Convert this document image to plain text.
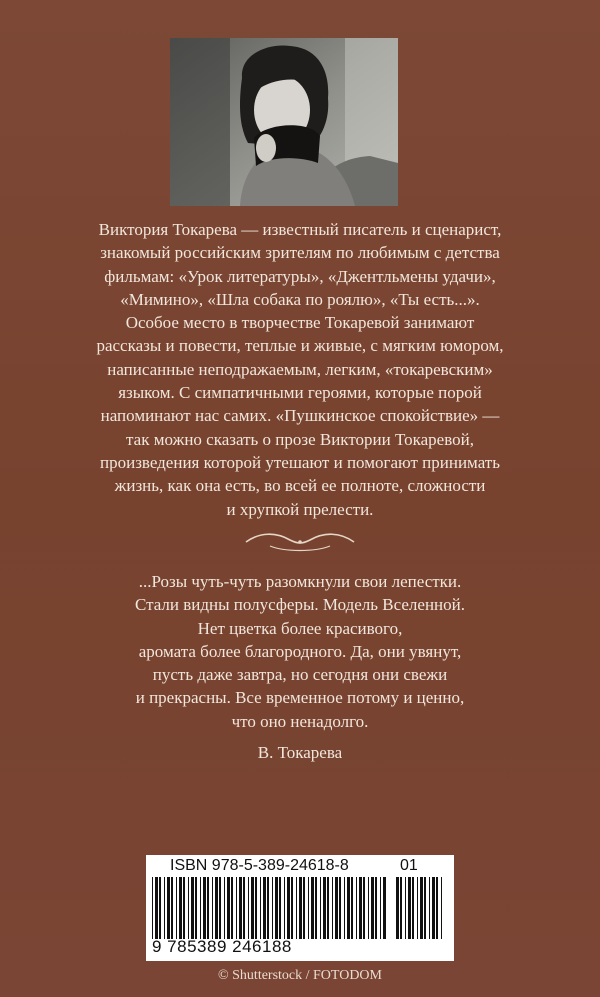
Виктория Токарева — известный писатель и сценарист,
знакомый российским зрителям по любимым с детства
фильмам: «Урок литературы», «Джентльмены удачи»,
«Мимино», «Шла собака по роялю», «Ты есть...».
Особое место в творчестве Токаревой занимают
рассказы и повести, теплые и живые, с мягким юмором,
написанные неподражаемым, легким, «токаревским»
языком. С симпатичными героями, которые порой
напоминают нас самих. «Пушкинское спокойствие» —
так можно сказать о прозе Виктории Токаревой,
произведения которой утешают и помогают принимать
жизнь, как она есть, во всей ее полноте, сложности
и хрупкой прелести.
...Розы чуть-чуть разомкнули свои лепестки.
Стали видны полусферы. Модель Вселенной.
Нет цветка более красивого,
аромата более благородного. Да, они увянут,
пусть даже завтра, но сегодня они свежи
и прекрасны. Все временное потому и ценно,
что оно ненадолго.
В. Токарева
ISBN 978-5-389-24618-8	01
9 785389 246188
© Shutterstock / FOTODOM
